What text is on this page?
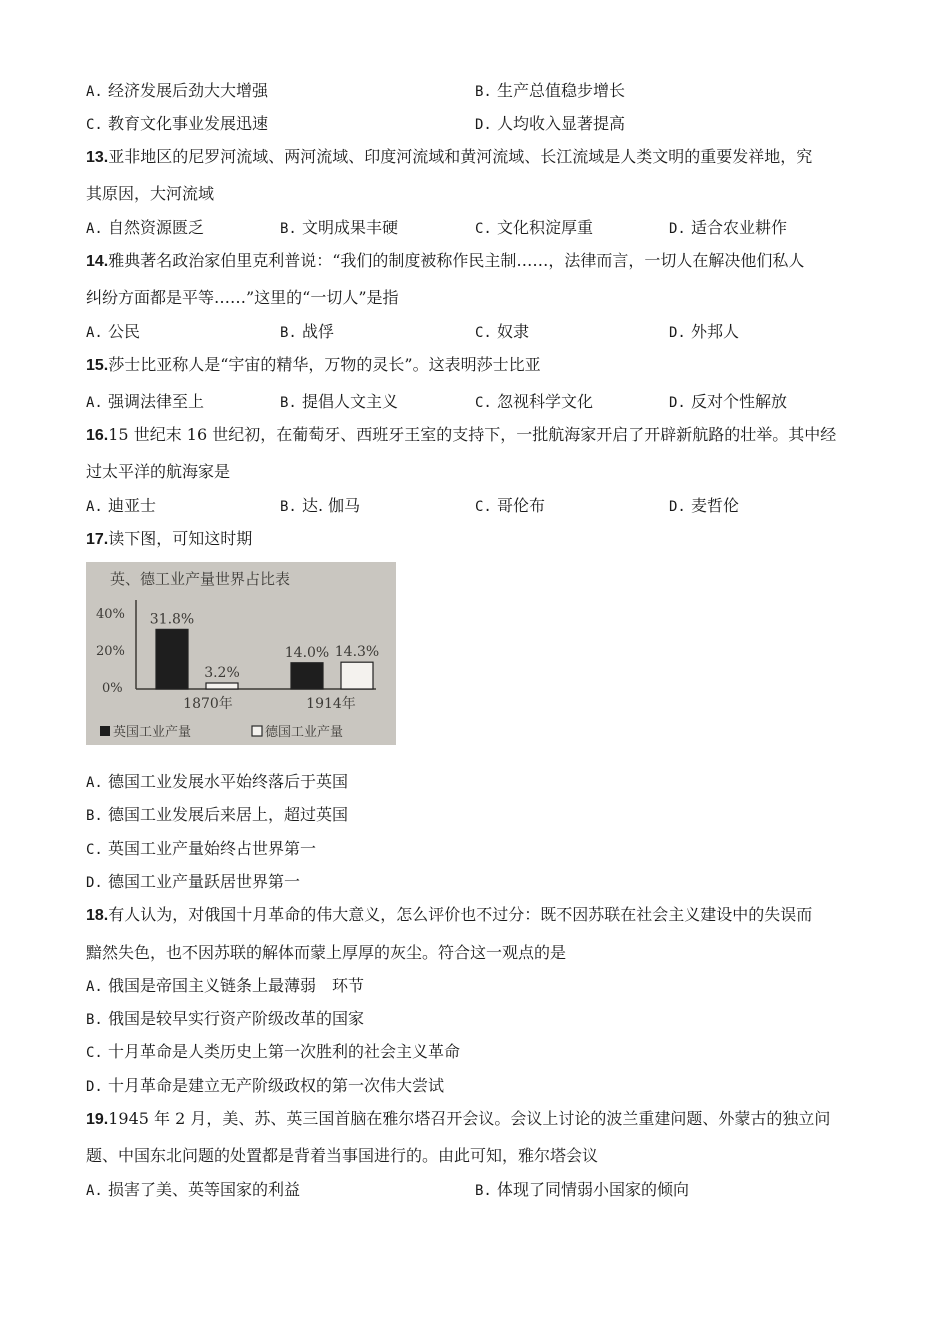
A. 经济发展后劲大大增强	B. 生产总值稳步增长
C. 教育文化事业发展迅速	D. 人均收入显著提高
13.亚非地区的尼罗河流域、两河流域、印度河流域和黄河流域、长江流域是人类文明的重要发祥地，究
其原因，大河流域
A. 自然资源匮乏	B. 文明成果丰硬	C. 文化积淀厚重	D. 适合农业耕作
14.雅典著名政治家伯里克利普说：“我们的制度被称作民主制……，法律而言，一切人在解决他们私人
纠纷方面都是平等……”这里的“一切人”是指
A. 公民	B. 战俘	C. 奴隶	D. 外邦人
15.莎士比亚称人是“宇宙的精华，万物的灵长”。这表明莎士比亚
A. 强调法律至上	B. 提倡人文主义	C. 忽视科学文化	D. 反对个性解放
16.15 世纪末 16 世纪初，在葡萄牙、西班牙王室的支持下，一批航海家开启了开辟新航路的壮举。其中经
过太平洋的航海家是
A. 迪亚士	B. 达. 伽马	C. 哥伦布	D. 麦哲伦
17.读下图，可知这时期
英、德工业产量世界占比表
40%
20%
0%
31.8%
3.2%
14.0% 14.3%
1870年	1914年
英国工业产量	德国工业产量
A. 德国工业发展水平始终落后于英国
B. 德国工业发展后来居上，超过英国
C. 英国工业产量始终占世界第一
D. 德国工业产量跃居世界第一
18.有人认为，对俄国十月革命的伟大意义，怎么评价也不过分：既不因苏联在社会主义建设中的失误而
黯然失色，也不因苏联的解体而蒙上厚厚的灰尘。符合这一观点的是
A. 俄国是帝国主义链条上最薄弱　环节
B. 俄国是较早实行资产阶级改革的国家
C. 十月革命是人类历史上第一次胜利的社会主义革命
D. 十月革命是建立无产阶级政权的第一次伟大尝试
19.1945 年 2 月，美、苏、英三国首脑在雅尔塔召开会议。会议上讨论的波兰重建问题、外蒙古的独立问
题、中国东北问题的处置都是背着当事国进行的。由此可知，雅尔塔会议
A. 损害了美、英等国家的利益	B. 体现了同情弱小国家的倾向
